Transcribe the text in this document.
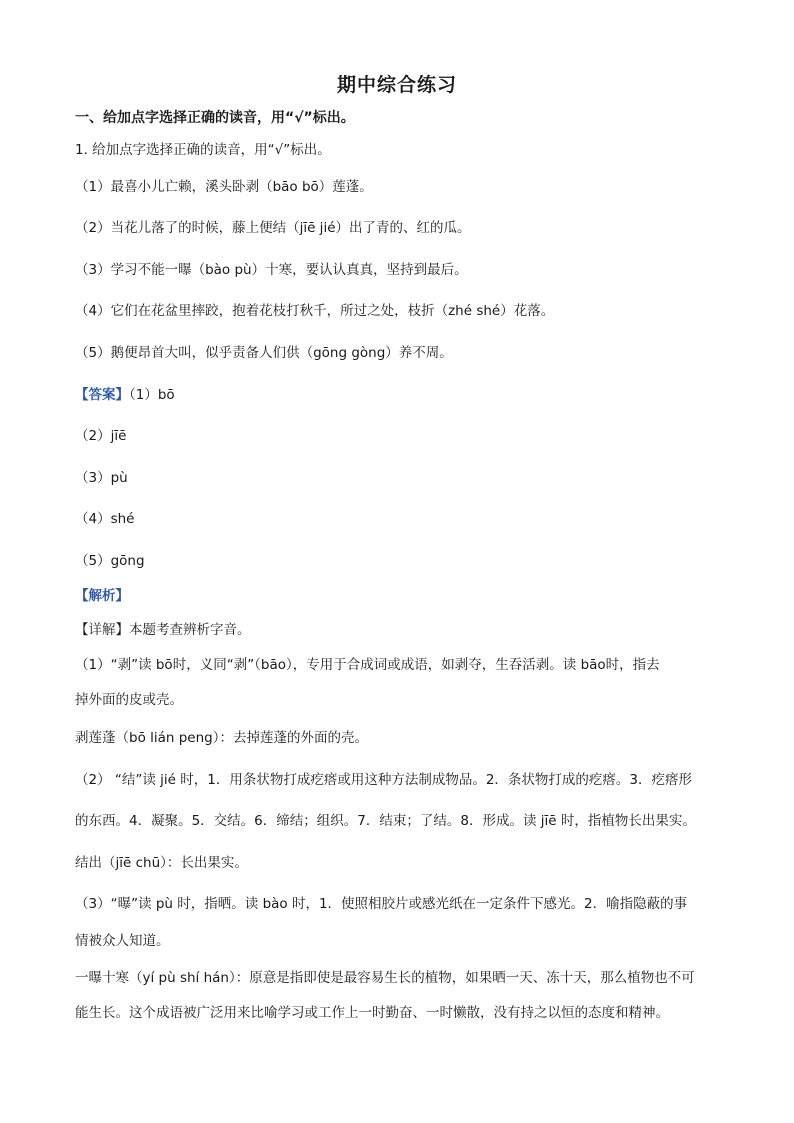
期中综合练习
一、给加点字选择正确的读音，用“√”标出。
1. 给加点字选择正确的读音，用“√”标出。
（1）最喜小儿亡赖，溪头卧剥（bāo bō）莲蓬。
（2）当花儿落了的时候，藤上便结（jīē jié）出了青的、红的瓜。
（3）学习不能一曝（bào pù）十寒，要认认真真，坚持到最后。
（4）它们在花盆里摔跤，抱着花枝打秋千，所过之处，枝折（zhé shé）花落。
（5）鹅便昂首大叫，似乎责备人们供（gōng gòng）养不周。
【答案】（1）bō
（2）jīē
（3）pù
（4）shé
（5）gōng
【解析】
【详解】本题考查辨析字音。
（1）“剥”读 bō时，义同“剥”（bāo），专用于合成词或成语，如剥夺，生吞活剥。读 bāo时，指去
掉外面的皮或壳。
剥莲蓬（bō lián peng）：去掉莲蓬的外面的壳。
（2） “结”读 jié 时，1．用条状物打成疙瘩或用这种方法制成物品。2．条状物打成的疙瘩。3．疙瘩形
的东西。4．凝聚。5．交结。6．缔结；组织。7．结束；了结。8．形成。读 jīē 时，指植物长出果实。
结出（jīē chū）：长出果实。
（3）“曝”读 pù 时，指晒。读 bào 时，1．使照相胶片或感光纸在一定条件下感光。2．喻指隐蔽的事
情被众人知道。
一曝十寒（yí pù shí hán）：原意是指即使是最容易生长的植物，如果晒一天、冻十天，那么植物也不可
能生长。这个成语被广泛用来比喻学习或工作上一时勤奋、一时懒散，没有持之以恒的态度和精神。
